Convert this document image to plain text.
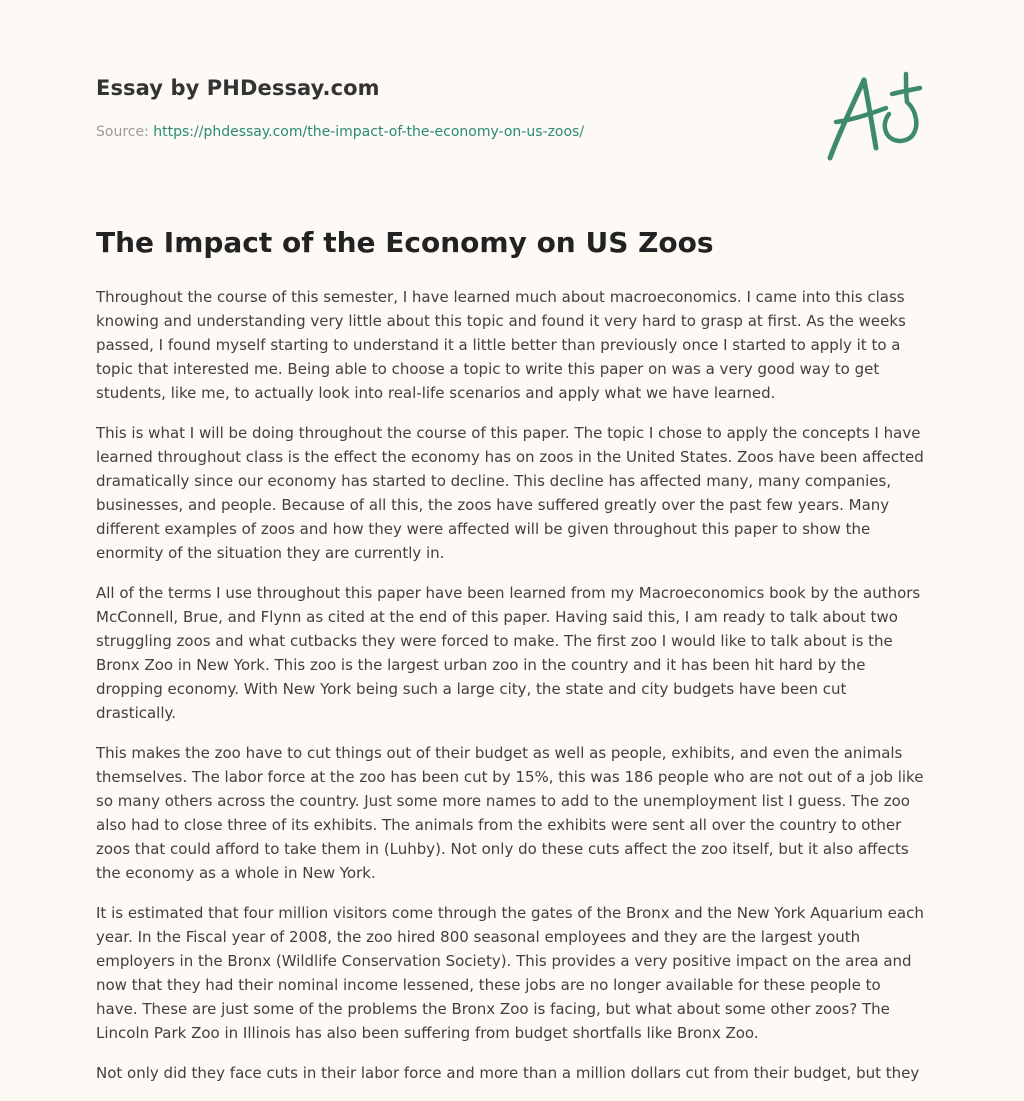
Essay by PHDessay.com
Source: https://phdessay.com/the-impact-of-the-economy-on-us-zoos/
The Impact of the Economy on US Zoos

Throughout the course of this semester, I have learned much about macroeconomics. I came into this class knowing and understanding very little about this topic and found it very hard to grasp at first. As the weeks passed, I found myself starting to understand it a little better than previously once I started to apply it to a topic that interested me. Being able to choose a topic to write this paper on was a very good way to get students, like me, to actually look into real-life scenarios and apply what we have learned.

This is what I will be doing throughout the course of this paper. The topic I chose to apply the concepts I have learned throughout class is the effect the economy has on zoos in the United States. Zoos have been affected dramatically since our economy has started to decline. This decline has affected many, many companies, businesses, and people. Because of all this, the zoos have suffered greatly over the past few years. Many different examples of zoos and how they were affected will be given throughout this paper to show the enormity of the situation they are currently in.

All of the terms I use throughout this paper have been learned from my Macroeconomics book by the authors McConnell, Brue, and Flynn as cited at the end of this paper. Having said this, I am ready to talk about two struggling zoos and what cutbacks they were forced to make. The first zoo I would like to talk about is the Bronx Zoo in New York. This zoo is the largest urban zoo in the country and it has been hit hard by the dropping economy. With New York being such a large city, the state and city budgets have been cut drastically.

This makes the zoo have to cut things out of their budget as well as people, exhibits, and even the animals themselves. The labor force at the zoo has been cut by 15%, this was 186 people who are not out of a job like so many others across the country. Just some more names to add to the unemployment list I guess. The zoo also had to close three of its exhibits. The animals from the exhibits were sent all over the country to other zoos that could afford to take them in (Luhby). Not only do these cuts affect the zoo itself, but it also affects the economy as a whole in New York.

It is estimated that four million visitors come through the gates of the Bronx and the New York Aquarium each year. In the Fiscal year of 2008, the zoo hired 800 seasonal employees and they are the largest youth employers in the Bronx (Wildlife Conservation Society). This provides a very positive impact on the area and now that they had their nominal income lessened, these jobs are no longer available for these people to have. These are just some of the problems the Bronx Zoo is facing, but what about some other zoos? The Lincoln Park Zoo in Illinois has also been suffering from budget shortfalls like Bronx Zoo.

Not only did they face cuts in their labor force and more than a million dollars cut from their budget, but they
